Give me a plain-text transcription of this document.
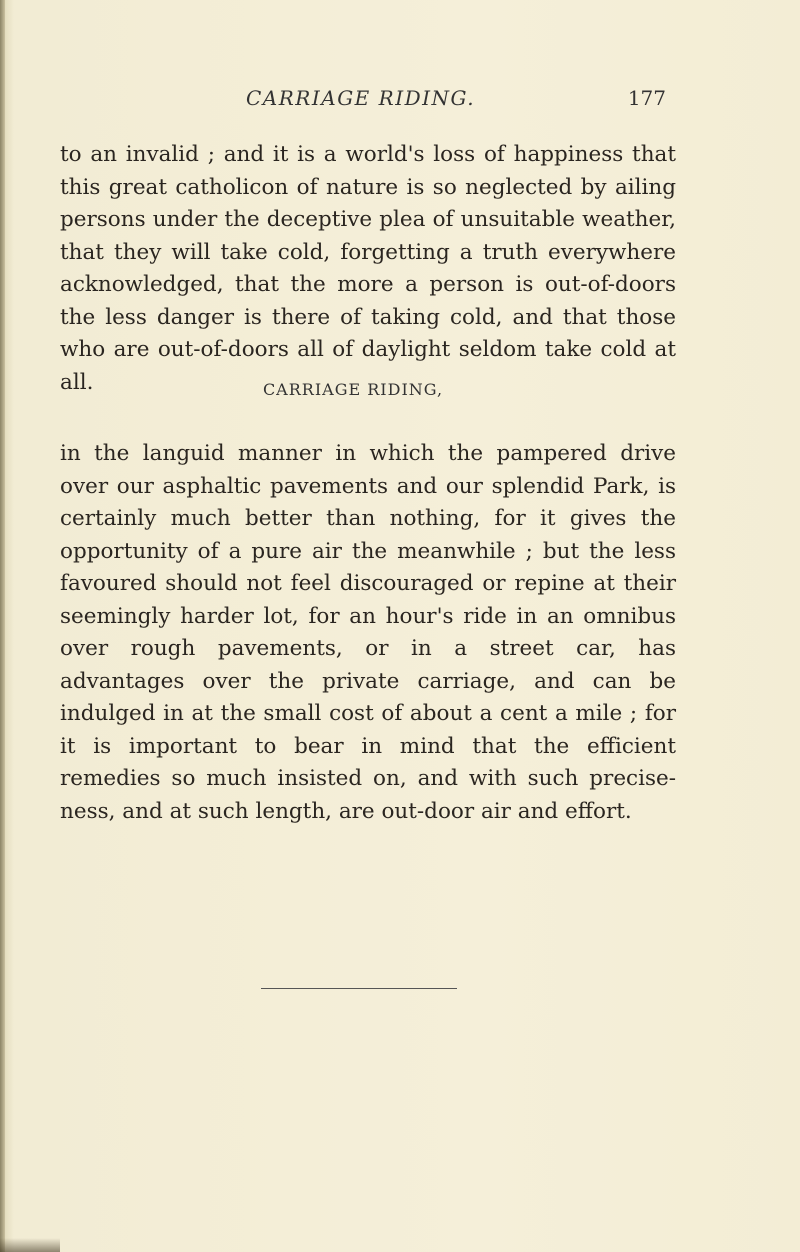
CARRIAGE RIDING.	177

to an invalid ; and it is a world's loss of happiness that this great catholicon of nature is so neglected by ailing persons under the deceptive plea of unsuitable weather, that they will take cold, forgetting a truth everywhere acknowledged, that the more a person is out-of-doors the less danger is there of taking cold, and that those who are out-of-doors all of daylight seldom take cold at all.	CARRIAGE RIDING,

in the languid manner in which the pampered drive over our asphaltic pavements and our splendid Park, is certainly much better than nothing, for it gives the opportunity of a pure air the meanwhile ; but the less favoured should not feel discouraged or repine at their seemingly harder lot, for an hour's ride in an omnibus over rough pavements, or in a street car, has advantages over the private carriage, and can be indulged in at the small cost of about a cent a mile ; for it is important to bear in mind that the efficient remedies so much insisted on, and with such precise-ness, and at such length, are out-door air and effort.
